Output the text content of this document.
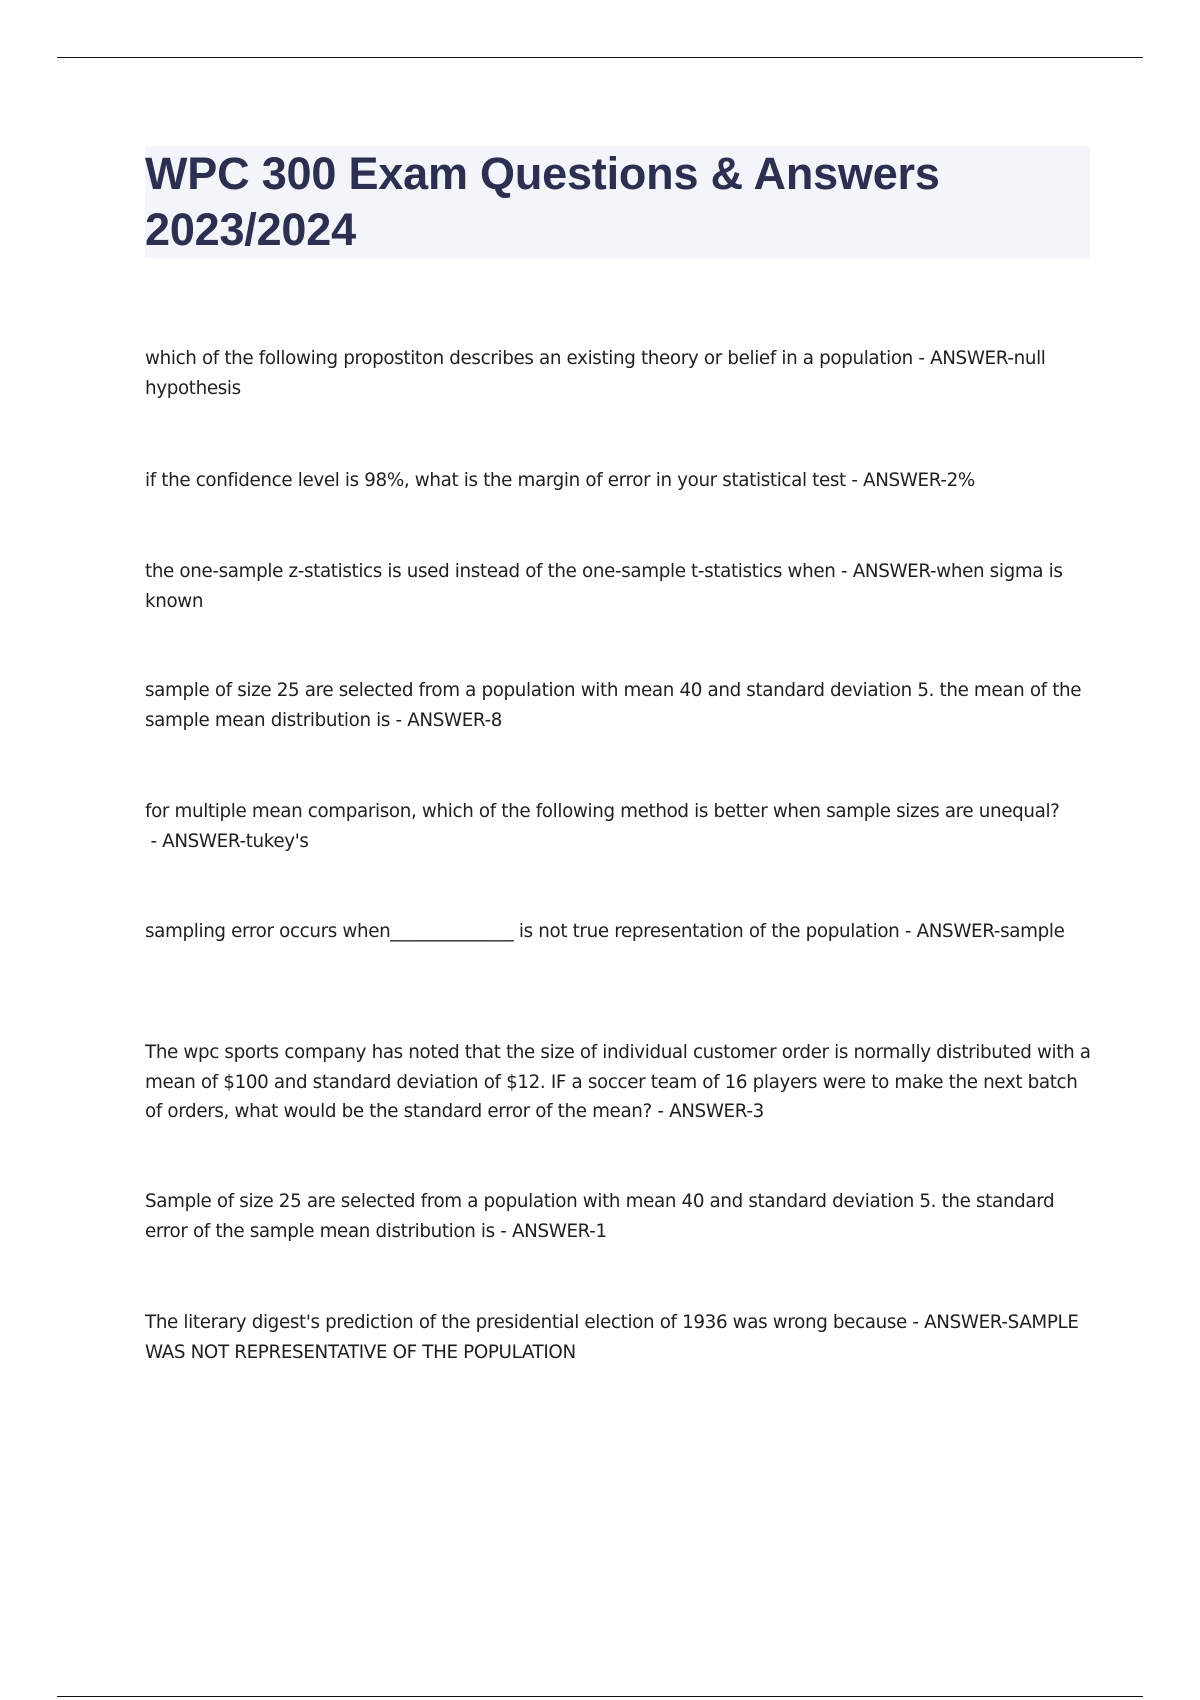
WPC 300 Exam Questions & Answers 2023/2024
which of the following propostiton describes an existing theory or belief in a population - ANSWER-null hypothesis
if the confidence level is 98%, what is the margin of error in your statistical test - ANSWER-2%
the one-sample z-statistics is used instead of the one-sample t-statistics when - ANSWER-when sigma is known
sample of size 25 are selected from a population with mean 40 and standard deviation 5. the mean of the sample mean distribution is - ANSWER-8
for multiple mean comparison, which of the following method is better when sample sizes are unequal? - ANSWER-tukey's
sampling error occurs when______________ is not true representation of the population - ANSWER-sample
The wpc sports company has noted that the size of individual customer order is normally distributed with a mean of $100 and standard deviation of $12. IF a soccer team of 16 players were to make the next batch of orders, what would be the standard error of the mean? - ANSWER-3
Sample of size 25 are selected from a population with mean 40 and standard deviation 5. the standard error of the sample mean distribution is - ANSWER-1
The literary digest's prediction of the presidential election of 1936 was wrong because - ANSWER-SAMPLE WAS NOT REPRESENTATIVE OF THE POPULATION
